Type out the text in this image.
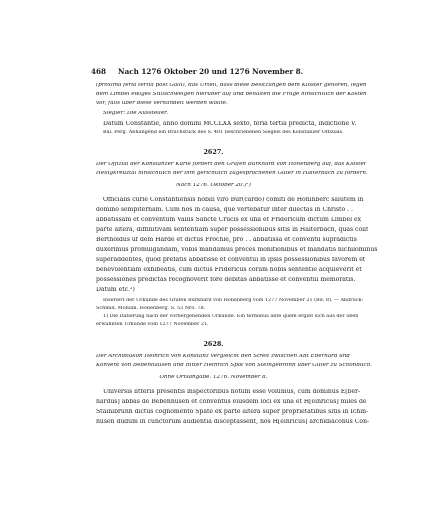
468 Nach 1276 Oktober 20 und 1276 November 8.
(proxima feria tertia post Galli), das Urteil, dass diese Besitzungen dem Kloster gehören, legen
dem Limbel ewiges Stillschweigen hierüber auf und behalten die Frage hinsichtlich der Kosten
vor, falls über diese verhandelt werden wollte.
Siegler: Die Aussteller.
Datum Constantie, anno domini MCCLXX sexto, feria tertia predicta, indictione V.
Bal. Perg. Abhangend ein Bruchstück des S. 401 beschriebenen Siegels des Konstanzer Offizials.
2627.
Der Offizial der Konstanzer Kurie fordert den Grafen Burkhard von Hohenberg auf, das Kloster
Heiligkreuztal hinsichtlich der ihm gerichtlich zugesprochenen Güter in Haiterbach zu fördern.
Nach 1276. Oktober 20.)¹)
Officialis curie Constantiensis nobili viro Bur(cardo) comiti de Hohinberc salutem in
domino sempiternam. Cum nos in causa, que vertebatur inter dilectas in Christo . .
abbatissam et conventum Vallis Sancte Crucis ex una et Fridericum dictum Limbel ex
parte altera, diffinitivam sententiam super possessionibus sitis in Haiterbach, quas colit
Bertholdus uf dem Harde et dictus Frochle, pro . . abbatissa et conventu supradictis
duxerimus promulgandam, vobis mandamus preces monitionibus et mandatis nichilominus
superaddentes, quod prefatis abbatisse et conventui in ipsis possessionibus favorem et
benevolentiam exhibeatis, cum dictus Fridericus coram nobis sententie acquieverit et
possessiones predictas recognoverit fore debitas abbatisse et conventui memoratis.
Datum etc.²)
Inseriert der Urkunde des Grafen Burkhard von Hohenberg vom 1277 November 21 (Bd. 8). — Abdruck:
Schmid, Monum. Hohenberg. S. 53 Nro. 78.
1) Die Datierung nach der vorhergehenden Urkunde. Ein terminus ante quem ergibt sich aus der oben
erwähnten Urkunde vom 1277 November 21.
2628.
Der Archidiakon Heinrich von Konstanz vergleicht den Streit zwischen Abt Eberhard und
Konvent von Bebenhausen und Ritter Heinrich Spät von Steingebronn über Güter zu Schönbuch.
Ohne Ortsangabe. 1276. November 8.
Universis litteris presentis inspectoribus notum esse volumus, cum dominus E[ber-
hardus] abbas de Bebenhusen et conventus eiusdem loci ex una et H[einricus] miles de
Stainibrunn dictus cognomento Späte ex parte altera super proprietatibus sitis in Ichin-
husen dudum in cunctorum audientia disceptassent, nos H[einricus] archidiaconus Con-
